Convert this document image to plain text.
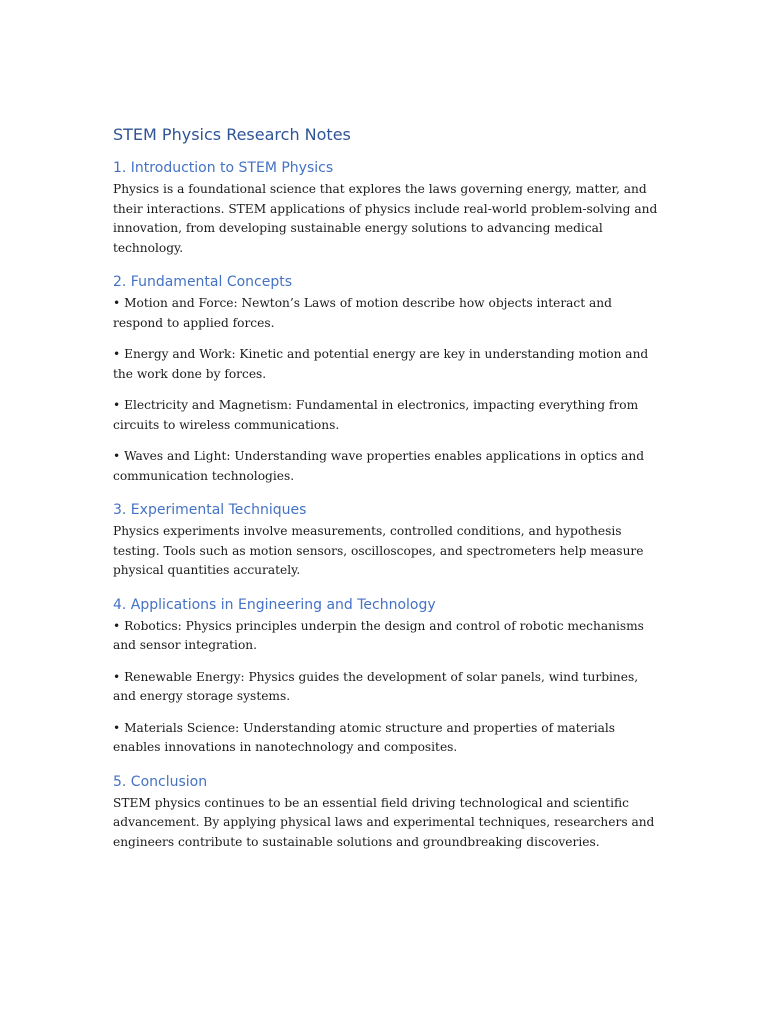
STEM Physics Research Notes
1. Introduction to STEM Physics

Physics is a foundational science that explores the laws governing energy, matter, and their interactions. STEM applications of physics include real-world problem-solving and innovation, from developing sustainable energy solutions to advancing medical technology.

2. Fundamental Concepts

• Motion and Force: Newton’s Laws of motion describe how objects interact and respond to applied forces.

• Energy and Work: Kinetic and potential energy are key in understanding motion and the work done by forces.

• Electricity and Magnetism: Fundamental in electronics, impacting everything from circuits to wireless communications.

• Waves and Light: Understanding wave properties enables applications in optics and communication technologies.

3. Experimental Techniques

Physics experiments involve measurements, controlled conditions, and hypothesis testing. Tools such as motion sensors, oscilloscopes, and spectrometers help measure physical quantities accurately.

4. Applications in Engineering and Technology

• Robotics: Physics principles underpin the design and control of robotic mechanisms and sensor integration.

• Renewable Energy: Physics guides the development of solar panels, wind turbines, and energy storage systems.

• Materials Science: Understanding atomic structure and properties of materials enables innovations in nanotechnology and composites.

5. Conclusion

STEM physics continues to be an essential field driving technological and scientific advancement. By applying physical laws and experimental techniques, researchers and engineers contribute to sustainable solutions and groundbreaking discoveries.
